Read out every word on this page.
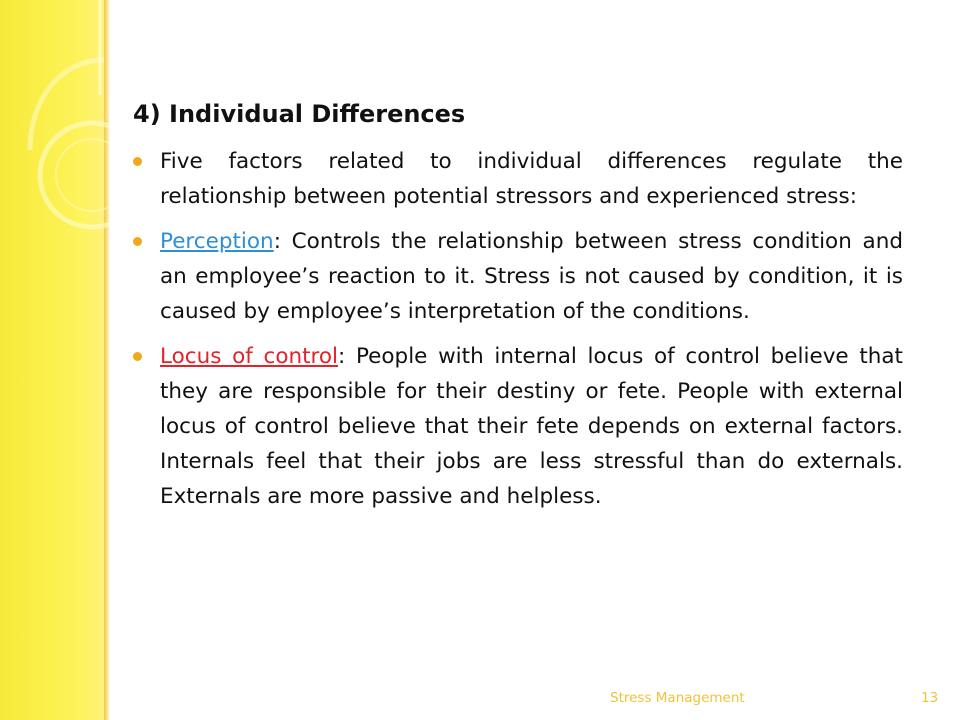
4) Individual Differences
Five factors related to individual differences regulate the relationship between potential stressors and experienced stress:
Perception: Controls the relationship between stress condition and an employee’s reaction to it. Stress is not caused by condition, it is caused by employee’s interpretation of the conditions.
Locus of control: People with internal locus of control believe that they are responsible for their destiny or fete. People with external locus of control believe that their fete depends on external factors. Internals feel that their jobs are less stressful than do externals. Externals are more passive and helpless.
Stress Management	13
